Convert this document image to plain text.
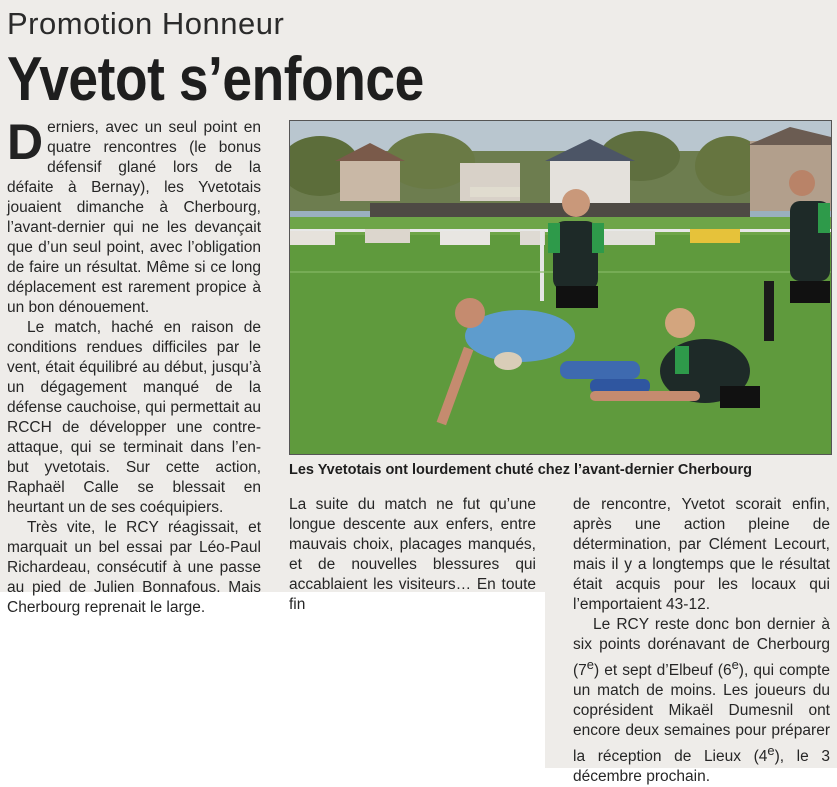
Promotion Honneur
Yvetot s’enfonce

Derniers, avec un seul point en quatre rencontres (le bonus défensif glané lors de la défaite à Bernay), les Yvetotais jouaient dimanche à Cherbourg, l’avant-dernier qui ne les devançait que d’un seul point, avec l’obligation de faire un résultat. Même si ce long déplacement est rarement propice à un bon dénouement.

Le match, haché en raison de conditions rendues difficiles par le vent, était équilibré au début, jusqu’à un dégagement manqué de la défense cauchoise, qui permettait au RCCH de développer une contre-attaque, qui se terminait dans l’en-but yvetotais. Sur cette action, Raphaël Calle se blessait en heurtant un de ses coéquipiers.

Très vite, le RCY réagissait, et marquait un bel essai par Léo-Paul Richardeau, consécutif à une passe au pied de Julien Bonnafous. Mais Cherbourg reprenait le large.

Les Yvetotais ont lourdement chuté chez l’avant-dernier Cherbourg

La suite du match ne fut qu’une longue descente aux enfers, entre mauvais choix, placages manqués, et de nouvelles blessures qui accablaient les visiteurs… En toute fin

de rencontre, Yvetot scorait enfin, après une action pleine de détermination, par Clément Lecourt, mais il y a longtemps que le résultat était acquis pour les locaux qui l’emportaient 43-12.

Le RCY reste donc bon dernier à six points dorénavant de Cherbourg (7e) et sept d’Elbeuf (6e), qui compte un match de moins. Les joueurs du coprésident Mikaël Dumesnil ont encore deux semaines pour préparer la réception de Lieux (4e), le 3 décembre prochain.
